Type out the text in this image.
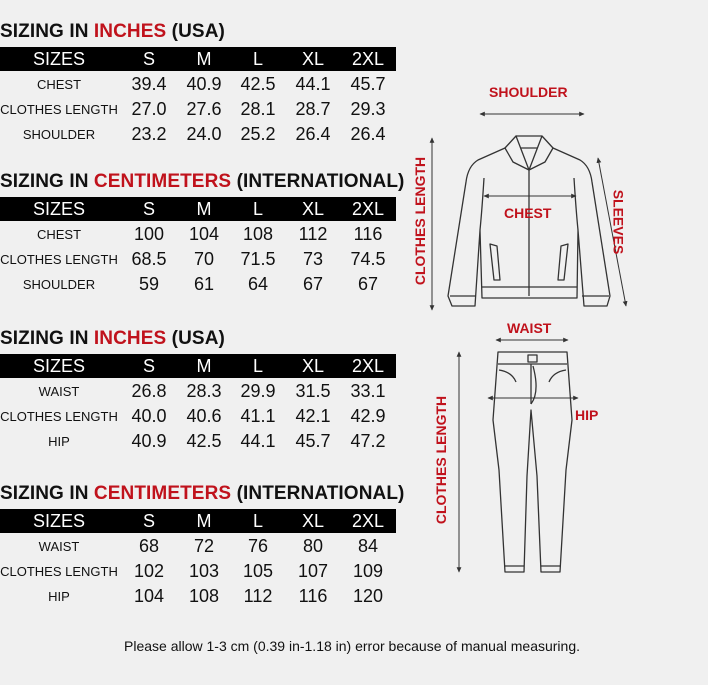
SIZING IN INCHES (USA)
SIZES	S	M	L	XL	2XL
CHEST	39.4	40.9	42.5	44.1	45.7
CLOTHES LENGTH 27.0	27.6	28.1	28.7	29.3
SHOULDER	23.2	24.0	25.2	26.4	26.4
SIZING IN CENTIMETERS (INTERNATIONAL)
SIZES	S	M	L	XL	2XL
CHEST	100	104	108	112	116
CLOTHES LENGTH 68.5	70	71.5	73	74.5
SHOULDER	59	61	64	67	67
SIZING IN INCHES (USA)
SIZES	S	M	L	XL	2XL
WAIST	26.8	28.3	29.9	31.5	33.1
CLOTHES LENGTH 40.0	40.6	41.1	42.1	42.9
HIP	40.9	42.5	44.1	45.7	47.2
SIZING IN CENTIMETERS (INTERNATIONAL)
SIZES	S	M	L	XL	2XL
WAIST	68	72	76	80	84
CLOTHES LENGTH 102	103	105	107	109
HIP	104	108	112	116	120
SHOULDER
CHEST	SLEEVES
CLOTHES LENGTH
WAIST
HIP
CLOTHES LENGTH
Please allow 1-3 cm (0.39 in-1.18 in) error because of manual measuring.
